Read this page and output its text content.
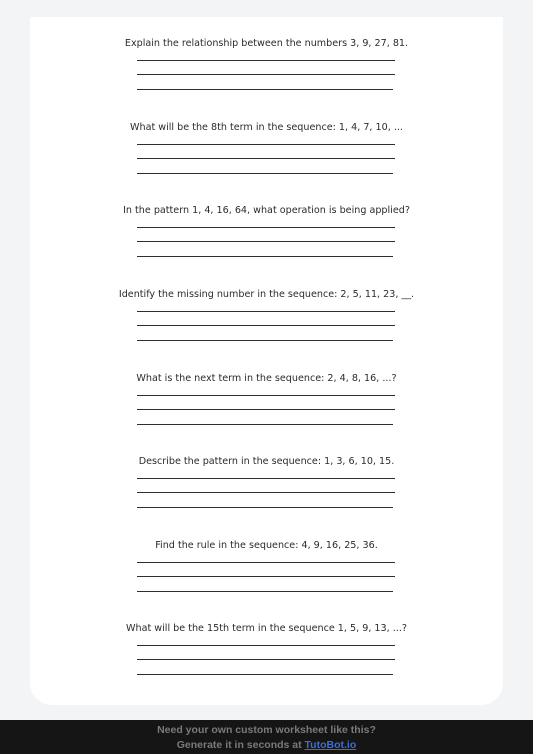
Explain the relationship between the numbers 3, 9, 27, 81.
What will be the 8th term in the sequence: 1, 4, 7, 10, ...
In the pattern 1, 4, 16, 64, what operation is being applied?
Identify the missing number in the sequence: 2, 5, 11, 23, __.
What is the next term in the sequence: 2, 4, 8, 16, ...?
Describe the pattern in the sequence: 1, 3, 6, 10, 15.
Find the rule in the sequence: 4, 9, 16, 25, 36.
What will be the 15th term in the sequence 1, 5, 9, 13, ...?
Need your own custom worksheet like this?
Generate it in seconds at TutoBot.io
